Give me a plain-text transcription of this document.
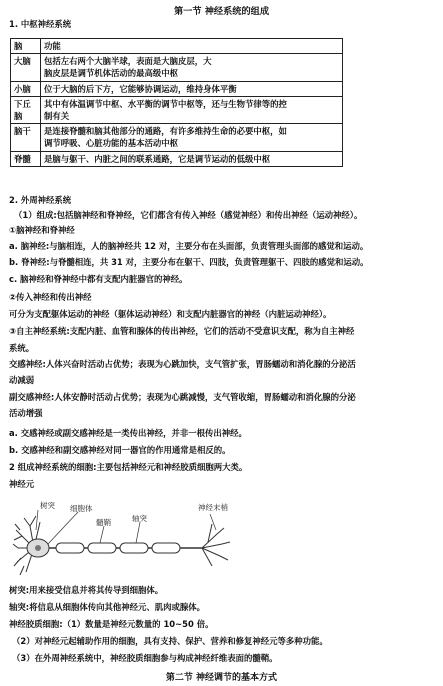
第一节 神经系统的组成
1. 中枢神经系统
脑	功能
大脑	包括左右两个大脑半球，表面是大脑皮层，大
脑皮层是调节机体活动的最高级中枢

小脑	位于大脑的后下方，它能够协调运动，维持身体平衡

下丘脑	其中有体温调节中枢、水平衡的调节中枢等，还与生物节律等的控
制有关

脑干	是连接脊髓和脑其他部分的通路，有许多维持生命的必要中枢，如
调节呼吸、心脏功能的基本活动中枢

脊髓	是脑与躯干、内脏之间的联系通路，它是调节运动的低级中枢
2. 外周神经系统
（1）组成:包括脑神经和脊神经，它们都含有传入神经（感觉神经）和传出神经（运动神经）。
①脑神经和脊神经
a. 脑神经:与脑相连，人的脑神经共 12 对，主要分布在头面部，负责管理头面部的感觉和运动。
b. 脊神经:与脊髓相连，共 31 对，主要分布在躯干、四肢，负责管理躯干、四肢的感觉和运动。
c. 脑神经和脊神经中都有支配内脏器官的神经。
②传入神经和传出神经
可分为支配躯体运动的神经（躯体运动神经）和支配内脏器官的神经（内脏运动神经）。
③自主神经系统:支配内脏、血管和腺体的传出神经，它们的活动不受意识支配，称为自主神经
系统。
交感神经:人体兴奋时活动占优势；表现为心跳加快，支气管扩张，胃肠蠕动和消化腺的分泌活
动减弱
副交感神经:人体安静时活动占优势；表现为心跳减慢，支气管收缩，胃肠蠕动和消化腺的分泌
活动增强
a. 交感神经或副交感神经是一类传出神经，并非一根传出神经。
b. 交感神经和副交感神经对同一器官的作用通常是相反的。
2 组成神经系统的细胞:主要包括神经元和神经胶质细胞两大类。
神经元
树突 细胞体
髓鞘	轴突
神经末梢
树突:用来接受信息并将其传导到细胞体。
轴突:将信息从细胞体传向其他神经元、肌肉或腺体。
神经胶质细胞:（1）数量是神经元数量的 10~50 倍。
（2）对神经元起辅助作用的细胞，具有支持、保护、营养和修复神经元等多种功能。
（3）在外周神经系统中，神经胶质细胞参与构成神经纤维表面的髓鞘。
第二节 神经调节的基本方式
